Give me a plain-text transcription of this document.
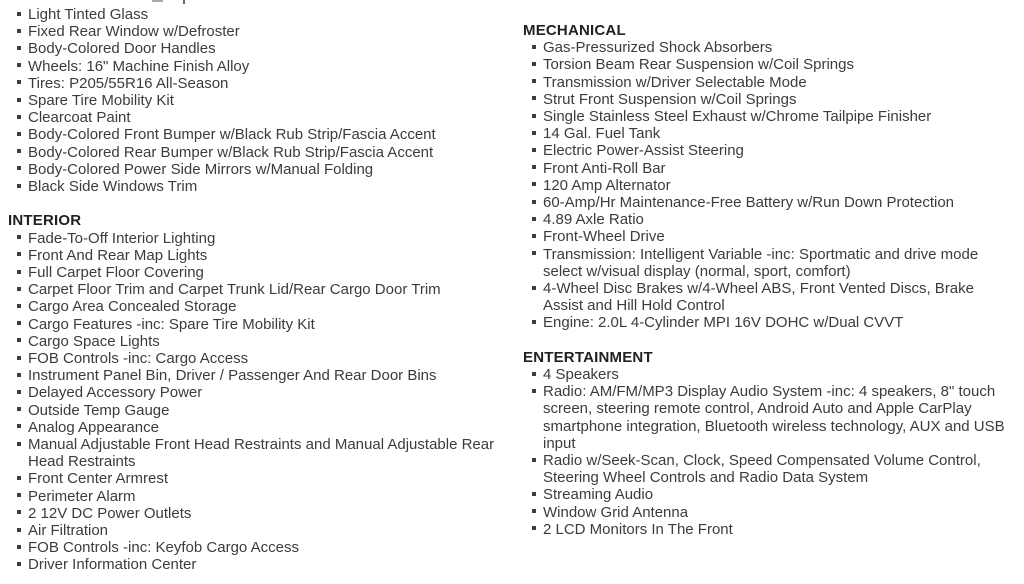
Light Tinted Glass
Fixed Rear Window w/Defroster
Body-Colored Door Handles
Wheels: 16" Machine Finish Alloy
Tires: P205/55R16 All-Season
Spare Tire Mobility Kit
Clearcoat Paint
Body-Colored Front Bumper w/Black Rub Strip/Fascia Accent
Body-Colored Rear Bumper w/Black Rub Strip/Fascia Accent
Body-Colored Power Side Mirrors w/Manual Folding
Black Side Windows Trim
INTERIOR
Fade-To-Off Interior Lighting
Front And Rear Map Lights
Full Carpet Floor Covering
Carpet Floor Trim and Carpet Trunk Lid/Rear Cargo Door Trim
Cargo Area Concealed Storage
Cargo Features -inc: Spare Tire Mobility Kit
Cargo Space Lights
FOB Controls -inc: Cargo Access
Instrument Panel Bin, Driver / Passenger And Rear Door Bins
Delayed Accessory Power
Outside Temp Gauge
Analog Appearance
Manual Adjustable Front Head Restraints and Manual Adjustable Rear
Head Restraints
Front Center Armrest
Perimeter Alarm
2 12V DC Power Outlets
Air Filtration
FOB Controls -inc: Keyfob Cargo Access
Driver Information Center
MECHANICAL
Gas-Pressurized Shock Absorbers
Torsion Beam Rear Suspension w/Coil Springs
Transmission w/Driver Selectable Mode
Strut Front Suspension w/Coil Springs
Single Stainless Steel Exhaust w/Chrome Tailpipe Finisher
14 Gal. Fuel Tank
Electric Power-Assist Steering
Front Anti-Roll Bar
120 Amp Alternator
60-Amp/Hr Maintenance-Free Battery w/Run Down Protection
4.89 Axle Ratio
Front-Wheel Drive
Transmission: Intelligent Variable -inc: Sportmatic and drive mode
select w/visual display (normal, sport, comfort)
4-Wheel Disc Brakes w/4-Wheel ABS, Front Vented Discs, Brake
Assist and Hill Hold Control
Engine: 2.0L 4-Cylinder MPI 16V DOHC w/Dual CVVT
ENTERTAINMENT
4 Speakers
Radio: AM/FM/MP3 Display Audio System -inc: 4 speakers, 8" touch
screen, steering remote control, Android Auto and Apple CarPlay
smartphone integration, Bluetooth wireless technology, AUX and USB
input
Radio w/Seek-Scan, Clock, Speed Compensated Volume Control,
Steering Wheel Controls and Radio Data System
Streaming Audio
Window Grid Antenna
2 LCD Monitors In The Front
